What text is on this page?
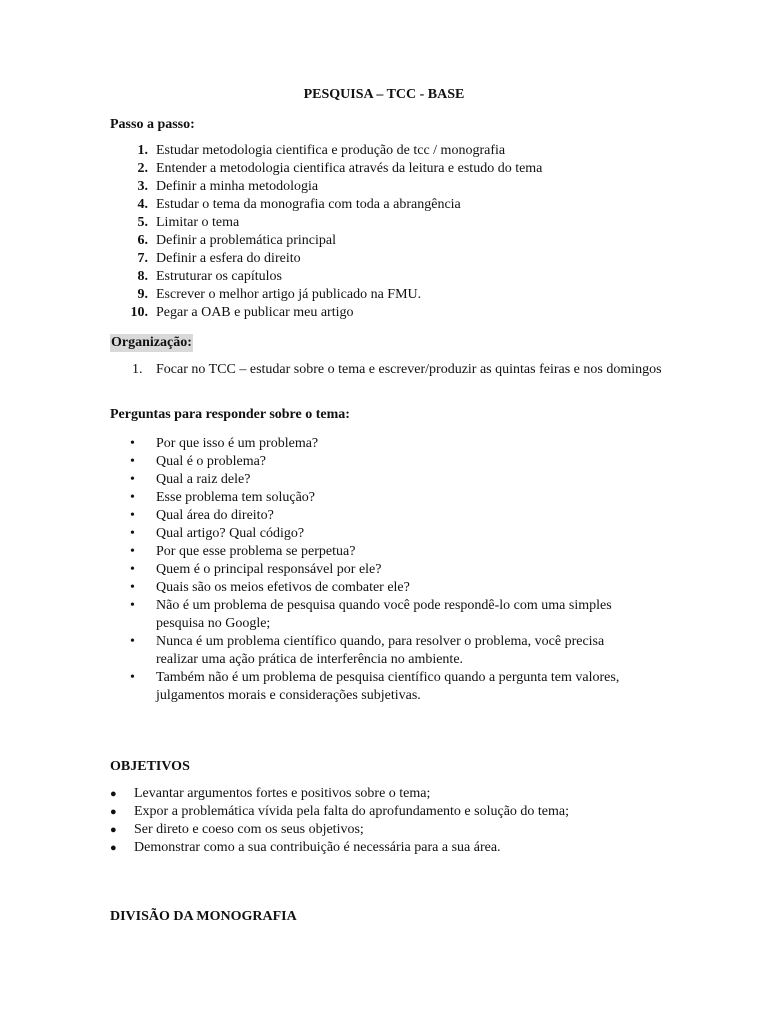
PESQUISA – TCC - BASE
Passo a passo:
1. Estudar metodologia cientifica e produção de tcc / monografia
2. Entender a metodologia cientifica através da leitura e estudo do tema
3. Definir a minha metodologia
4. Estudar o tema da monografia com toda a abrangência
5. Limitar o tema
6. Definir a problemática principal
7. Definir a esfera do direito
8. Estruturar os capítulos
9. Escrever o melhor artigo já publicado na FMU.
10. Pegar a OAB e publicar meu artigo
Organização:
1. Focar no TCC – estudar sobre o tema e escrever/produzir as quintas feiras e nos domingos
Perguntas para responder sobre o tema:
•	Por que isso é um problema?
•	Qual é o problema?
•	Qual a raiz dele?
•	Esse problema tem solução?
•	Qual área do direito?
•	Qual artigo? Qual código?
•	Por que esse problema se perpetua?
•	Quem é o principal responsável por ele?
•	Quais são os meios efetivos de combater ele?
•	Não é um problema de pesquisa quando você pode respondê-lo com uma simples pesquisa no Google;
•	Nunca é um problema científico quando, para resolver o problema, você precisa realizar uma ação prática de interferência no ambiente.
•	Também não é um problema de pesquisa científico quando a pergunta tem valores, julgamentos morais e considerações subjetivas.
OBJETIVOS
●	Levantar argumentos fortes e positivos sobre o tema;
●	Expor a problemática vívida pela falta do aprofundamento e solução do tema;
●	Ser direto e coeso com os seus objetivos;
●	Demonstrar como a sua contribuição é necessária para a sua área.
DIVISÃO DA MONOGRAFIA
